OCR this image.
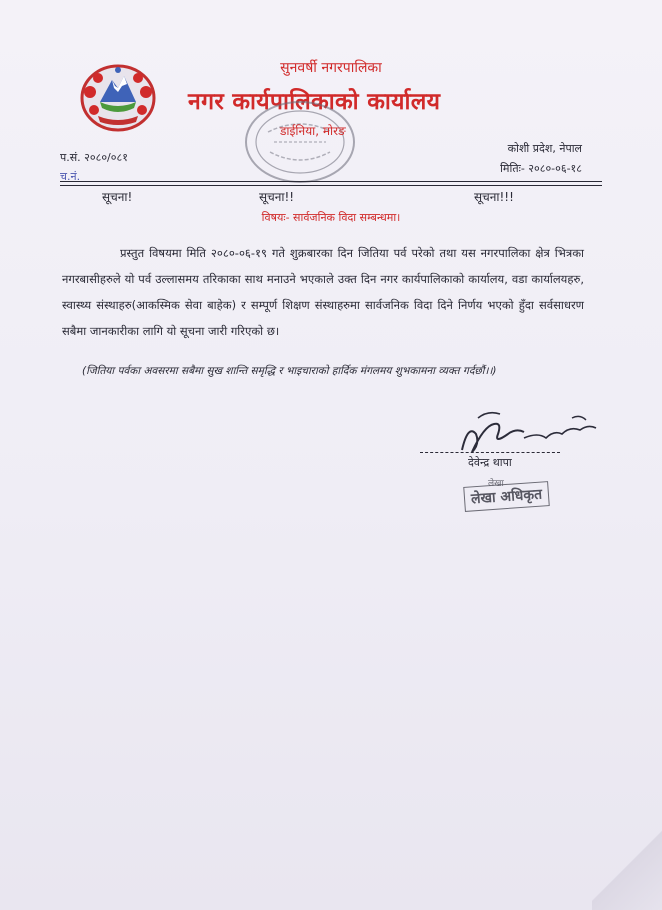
सुनवर्षी नगरपालिका
नगर कार्यपालिकाको कार्यालय
डाईनिया, मोरङ
प.सं. २०८०/०८१
च.नं.
कोशी प्रदेश, नेपाल
मितिः- २०८०-०६-१८
सूचना!	सूचना!!	सूचना!!!
विषयः- सार्वजनिक विदा सम्बन्धमा।

प्रस्तुत विषयमा मिति २०८०-०६-१९ गते शुक्रबारका दिन जितिया पर्व परेको तथा यस नगरपालिका क्षेत्र भित्रका नगरबासीहरुले यो पर्व उल्लासमय तरिकाका साथ मनाउने भएकाले उक्त दिन नगर कार्यपालिकाको कार्यालय, वडा कार्यालयहरु, स्वास्थ्य संस्थाहरु(आकस्मिक सेवा बाहेक) र सम्पूर्ण शिक्षण संस्थाहरुमा सार्वजनिक विदा दिने निर्णय भएको हुँदा सर्वसाधरण सबैमा जानकारीका लागि यो सूचना जारी गरिएको छ।

(जितिया पर्वका अवसरमा सबैमा सुख शान्ति समृद्धि र भाइचाराको हार्दिक मंगलमय शुभकामना व्यक्त गर्दछौं।।)
देवेन्द्र थापा
लेखा
लेखा अधिकृत
